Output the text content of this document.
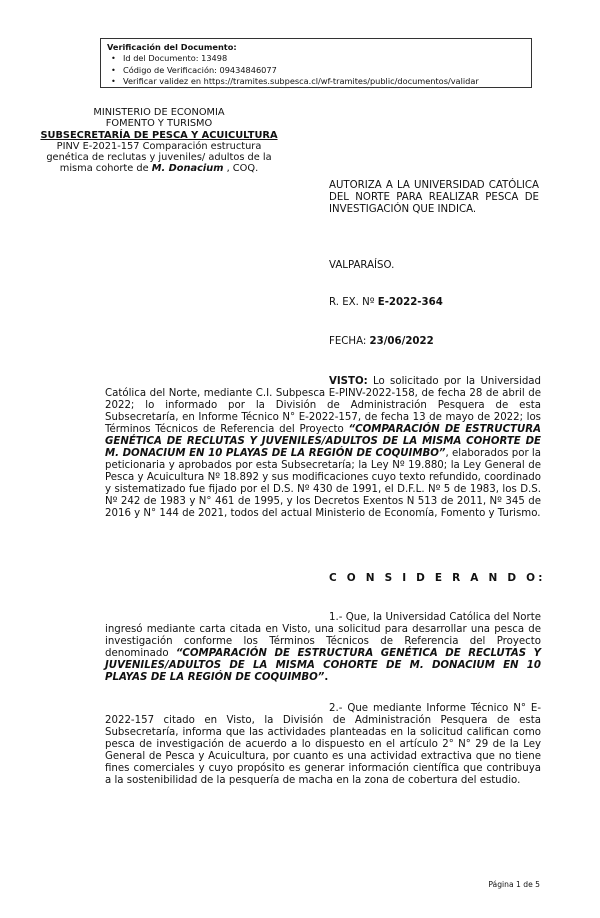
Verificación del Documento:
• Id del Documento: 13498
• Código de Verificación: 09434846077
• Verificar validez en https://tramites.subpesca.cl/wf-tramites/public/documentos/validar
MINISTERIO DE ECONOMIA
FOMENTO Y TURISMO
SUBSECRETARÍA DE PESCA Y ACUICULTURA
PINV E-2021-157 Comparación estructura
genética de reclutas y juveniles/ adultos de la
misma cohorte de M. Donacium , COQ.
AUTORIZA A LA UNIVERSIDAD CATÓLICA DEL NORTE PARA REALIZAR PESCA DE INVESTIGACIÓN QUE INDICA.
VALPARAÍSO.
R. EX. Nº E-2022-364
FECHA: 23/06/2022
VISTO: Lo solicitado por la Universidad Católica del Norte, mediante C.I. Subpesca E-PINV-2022-158, de fecha 28 de abril de 2022; lo informado por la División de Administración Pesquera de esta Subsecretaría, en Informe Técnico N° E-2022-157, de fecha 13 de mayo de 2022; los Términos Técnicos de Referencia del Proyecto “COMPARACIÓN DE ESTRUCTURA GENÉTICA DE RECLUTAS Y JUVENILES/ADULTOS DE LA MISMA COHORTE DE M. DONACIUM EN 10 PLAYAS DE LA REGIÓN DE COQUIMBO”, elaborados por la peticionaria y aprobados por esta Subsecretaría; la Ley Nº 19.880; la Ley General de Pesca y Acuicultura Nº 18.892 y sus modificaciones cuyo texto refundido, coordinado y sistematizado fue fijado por el D.S. Nº 430 de 1991, el D.F.L. Nº 5 de 1983, los D.S. Nº 242 de 1983 y N° 461 de 1995, y los Decretos Exentos N 513 de 2011, Nº 345 de 2016 y N° 144 de 2021, todos del actual Ministerio de Economía, Fomento y Turismo.
C O N S I D E R A N D O:
1.- Que, la Universidad Católica del Norte ingresó mediante carta citada en Visto, una solicitud para desarrollar una pesca de investigación conforme los Términos Técnicos de Referencia del Proyecto denominado “COMPARACIÓN DE ESTRUCTURA GENÉTICA DE RECLUTAS Y JUVENILES/ADULTOS DE LA MISMA COHORTE DE M. DONACIUM EN 10 PLAYAS DE LA REGIÓN DE COQUIMBO”.
2.- Que mediante Informe Técnico N° E-2022-157 citado en Visto, la División de Administración Pesquera de esta Subsecretaría, informa que las actividades planteadas en la solicitud califican como pesca de investigación de acuerdo a lo dispuesto en el artículo 2° N° 29 de la Ley General de Pesca y Acuicultura, por cuanto es una actividad extractiva que no tiene fines comerciales y cuyo propósito es generar información científica que contribuya a la sostenibilidad de la pesquería de macha en la zona de cobertura del estudio.
Página 1 de 5
